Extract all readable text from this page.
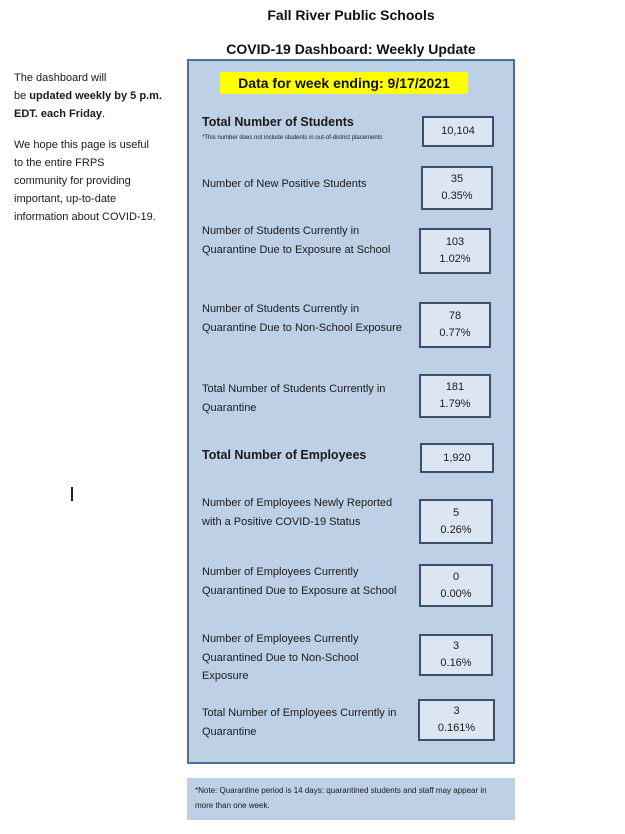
Fall River Public Schools
COVID-19 Dashboard: Weekly Update
The dashboard will
be updated weekly by 5 p.m.
EDT. each Friday.
We hope this page is useful
to the entire FRPS
community for providing
important, up-to-date
information about COVID-19.
Data for week ending: 9/17/2021
Total Number of Students
*This number does not include students in out-of-district placements
10,104
Number of New Positive Students	35
0.35%
Number of Students Currently in Quarantine Due to Exposure at School
103
1.02%
Number of Students Currently in Quarantine Due to Non-School Exposure
78
0.77%
Total Number of Students Currently in Quarantine
181
1.79%
Total Number of Employees	1,920
Number of Employees Newly Reported with a Positive COVID-19 Status
5
0.26%
Number of Employees Currently Quarantined Due to Exposure at School
0
0.00%
Number of Employees Currently Quarantined Due to Non-School Exposure
3
0.16%
Total Number of Employees Currently in Quarantine
3
0.161%
*Note: Quarantine period is 14 days: quarantined students and staff may appear in more than one week.
